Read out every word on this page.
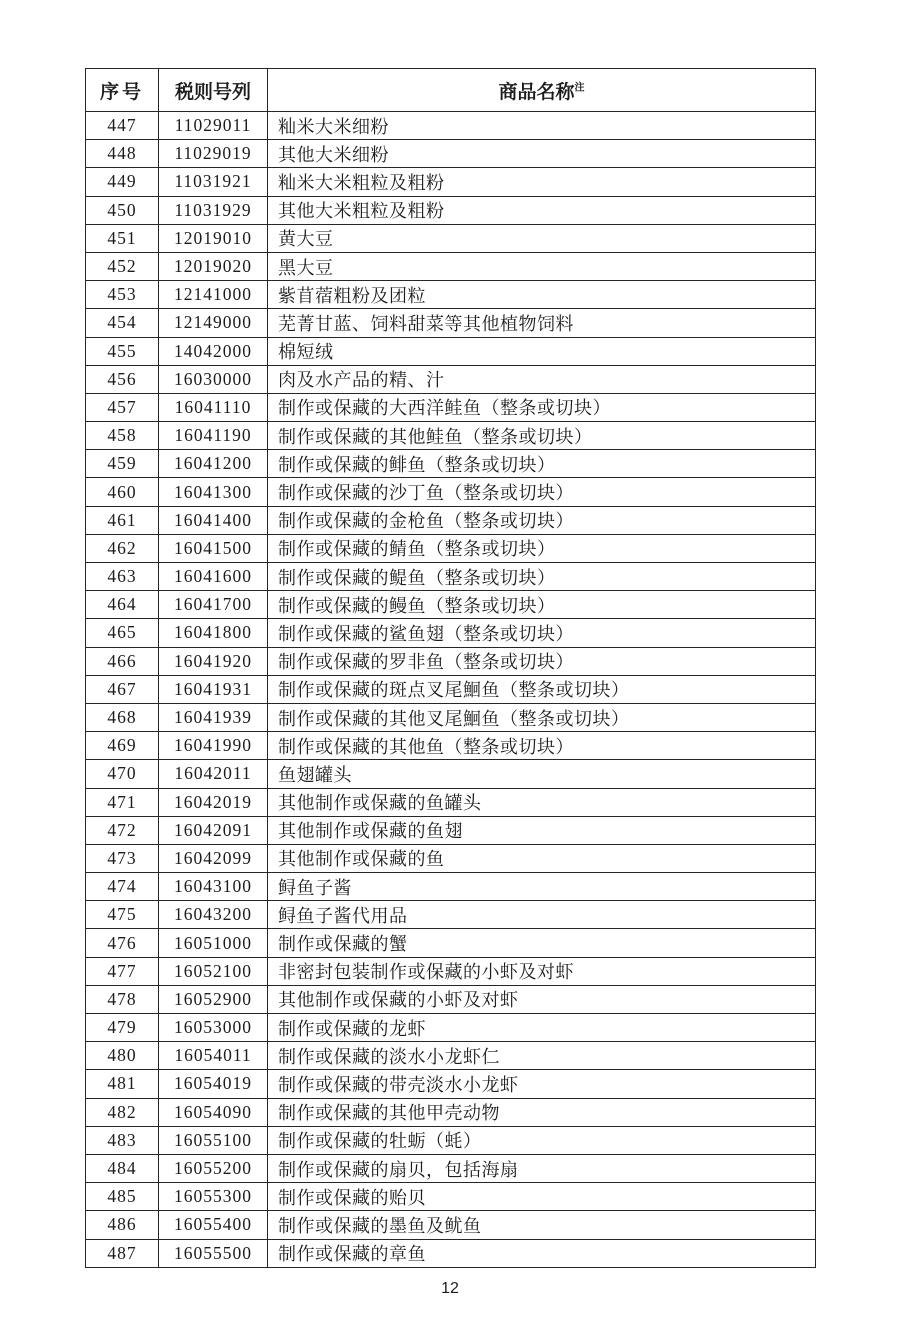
序号	税则号列	商品名称$^注$
447	11029011	籼米大米细粉
448	11029019	其他大米细粉
449	11031921	籼米大米粗粒及粗粉
450	11031929	其他大米粗粒及粗粉
451	12019010	黄大豆
452	12019020	黑大豆
453	12141000	紫苜蓿粗粉及团粒
454	12149000	芜菁甘蓝、饲料甜菜等其他植物饲料
455	14042000	棉短绒
456	16030000	肉及水产品的精、汁
457	16041110	制作或保藏的大西洋鲑鱼（整条或切块）
458	16041190	制作或保藏的其他鲑鱼（整条或切块）
459	16041200	制作或保藏的鲱鱼（整条或切块）
460	16041300	制作或保藏的沙丁鱼（整条或切块）
461	16041400	制作或保藏的金枪鱼（整条或切块）
462	16041500	制作或保藏的鲭鱼（整条或切块）
463	16041600	制作或保藏的鳀鱼（整条或切块）
464	16041700	制作或保藏的鳗鱼（整条或切块）
465	16041800	制作或保藏的鲨鱼翅（整条或切块）
466	16041920	制作或保藏的罗非鱼（整条或切块）
467	16041931	制作或保藏的斑点叉尾鮰鱼（整条或切块）
468	16041939	制作或保藏的其他叉尾鮰鱼（整条或切块）
469	16041990	制作或保藏的其他鱼（整条或切块）
470	16042011	鱼翅罐头
471	16042019	其他制作或保藏的鱼罐头
472	16042091	其他制作或保藏的鱼翅
473	16042099	其他制作或保藏的鱼
474	16043100	鲟鱼子酱
475	16043200	鲟鱼子酱代用品
476	16051000	制作或保藏的蟹
477	16052100	非密封包装制作或保藏的小虾及对虾
478	16052900	其他制作或保藏的小虾及对虾
479	16053000	制作或保藏的龙虾
480	16054011	制作或保藏的淡水小龙虾仁
481	16054019	制作或保藏的带壳淡水小龙虾
482	16054090	制作或保藏的其他甲壳动物
483	16055100	制作或保藏的牡蛎（蚝）
484	16055200	制作或保藏的扇贝，包括海扇
485	16055300	制作或保藏的贻贝
486	16055400	制作或保藏的墨鱼及鱿鱼
487	16055500	制作或保藏的章鱼
12
